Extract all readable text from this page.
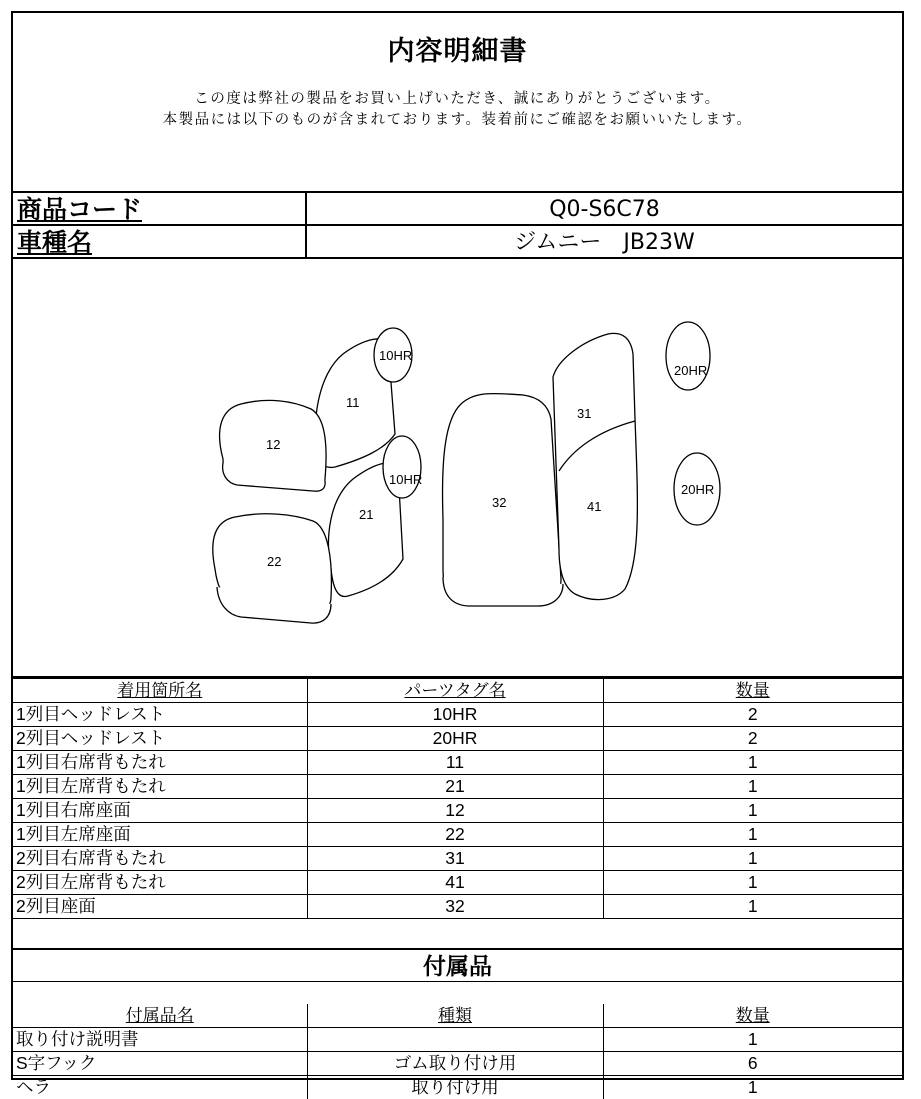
内容明細書
この度は弊社の製品をお買い上げいただき、誠にありがとうございます。
本製品には以下のものが含まれております。装着前にご確認をお願いいたします。
商品コード	Q0-S6C78
車種名	ジムニー　JB23W
10HR
11
12
10HR
21
22
32
31
41
20HR
20HR
着用箇所名	パーツタグ名	数量
1列目ヘッドレスト	10HR	2
2列目ヘッドレスト	20HR	2
1列目右席背もたれ	11	1
1列目左席背もたれ	21	1
1列目右席座面	12	1
1列目左席座面	22	1
2列目右席背もたれ	31	1
2列目左席背もたれ	41	1
2列目座面	32	1
付属品
付属品名	種類	数量
取り付け説明書		1
S字フック	ゴム取り付け用	6
ヘラ	取り付け用	1
